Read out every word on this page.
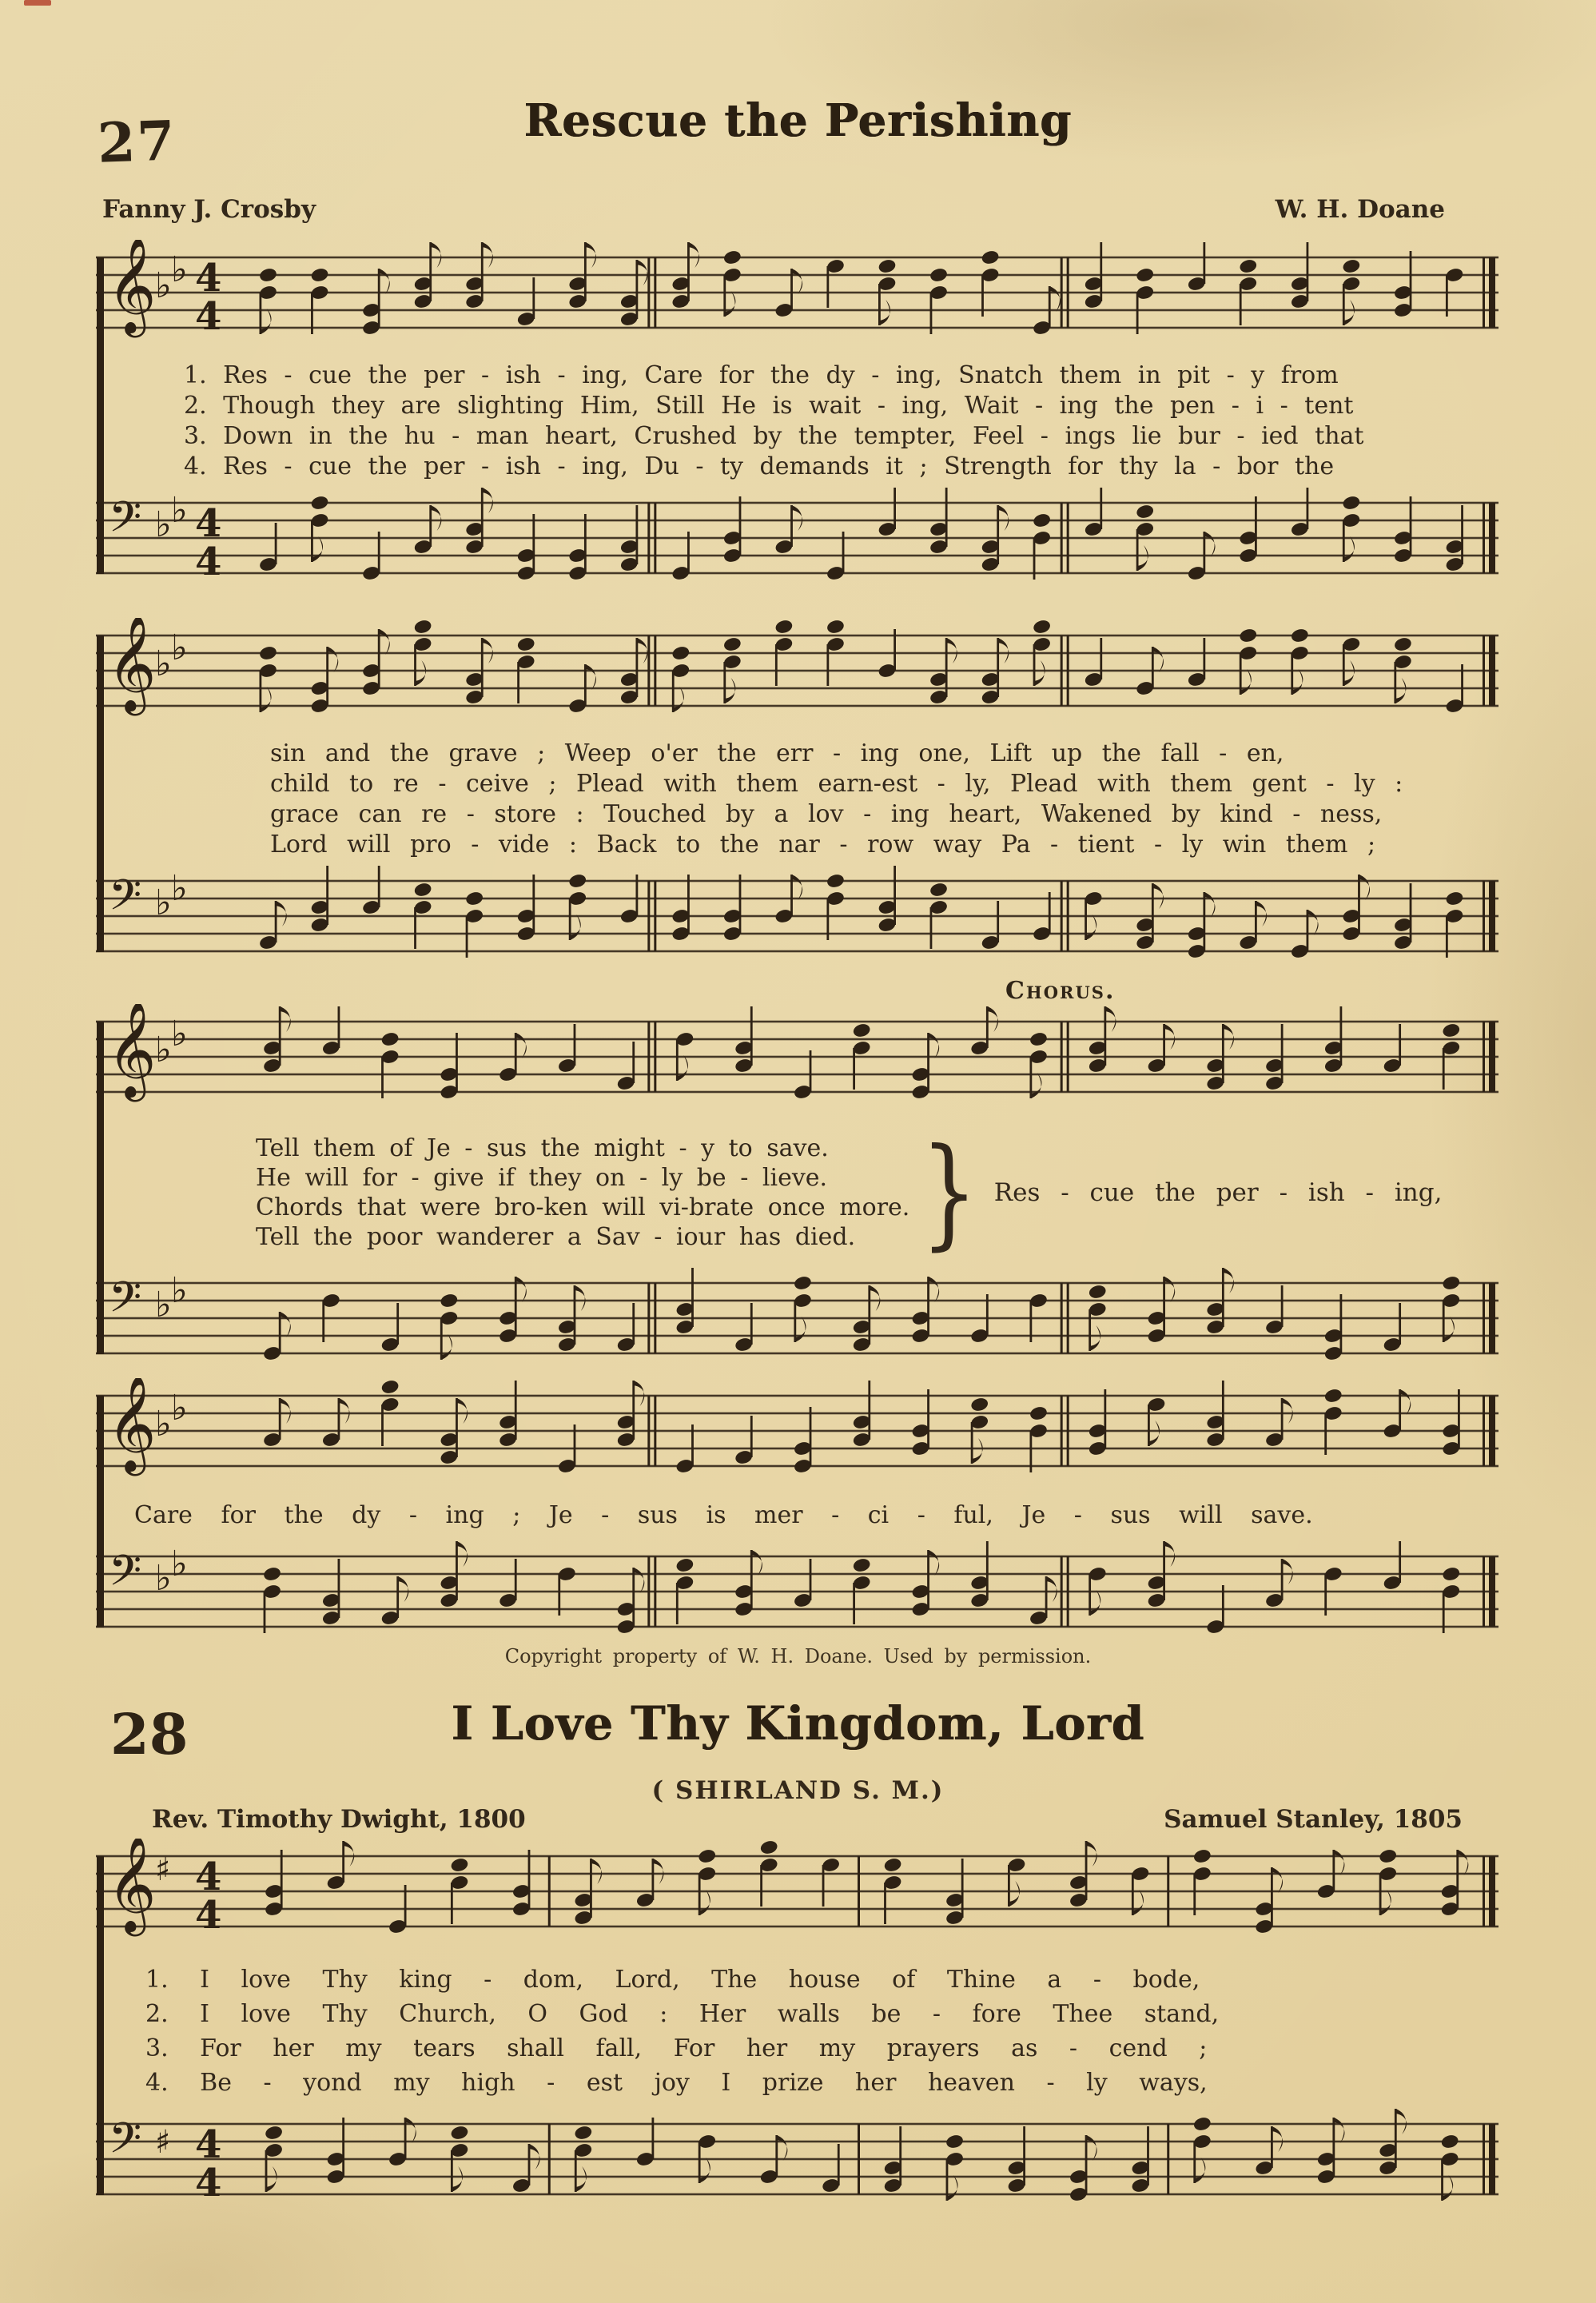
27	Rescue the Perishing
Fanny J. Crosby	W. H. Doane
𝄞
♭ ♭ 4
4
1. Res - cue the per - ish - ing, Care for the dy - ing, Snatch them in pit - y from
2. Though they are slighting Him, Still He is wait - ing, Wait - ing the pen - i - tent
3. Down in the hu - man heart, Crushed by the tempter, Feel - ings lie bur - ied that
4. Res - cue the per - ish - ing, Du - ty demands it ; Strength for thy la - bor the
𝄢 ♭ ♭ 4
4
𝄞
♭ ♭
sin and the grave ; Weep o'er the err - ing one, Lift up the fall - en,
child to re - ceive ; Plead with them earn-est - ly, Plead with them gent - ly :
grace can re - store : Touched by a lov - ing heart, Wakened by kind - ness,
Lord will pro - vide : Back to the nar - row way Pa - tient - ly win them ;
𝄢 ♭ ♭
Chorus.
𝄞
♭ ♭
Tell them of Je - sus the might - y to save.
He will for - give if they on - ly be - lieve.
Chords that were bro-ken will vi-brate once more.
Tell the poor wanderer a Sav - iour has died. } Res - cue the per - ish - ing,
𝄢 ♭ ♭
𝄞
♭ ♭
Care for the dy - ing ; Je - sus is mer - ci - ful, Je - sus will save.
𝄢 ♭ ♭
Copyright property of W. H. Doane. Used by permission.
28	I Love Thy Kingdom, Lord
( SHIRLAND S. M.)
Rev. Timothy Dwight, 1800	Samuel Stanley, 1805
𝄞
♯ 4
4
1. I love Thy king - dom, Lord, The house of Thine a - bode,
2. I love Thy Church, O God : Her walls be - fore Thee stand,
3. For her my tears shall fall, For her my prayers as - cend ;
4. Be - yond my high - est joy I prize her heaven - ly ways,
𝄢 ♯ 4
4
